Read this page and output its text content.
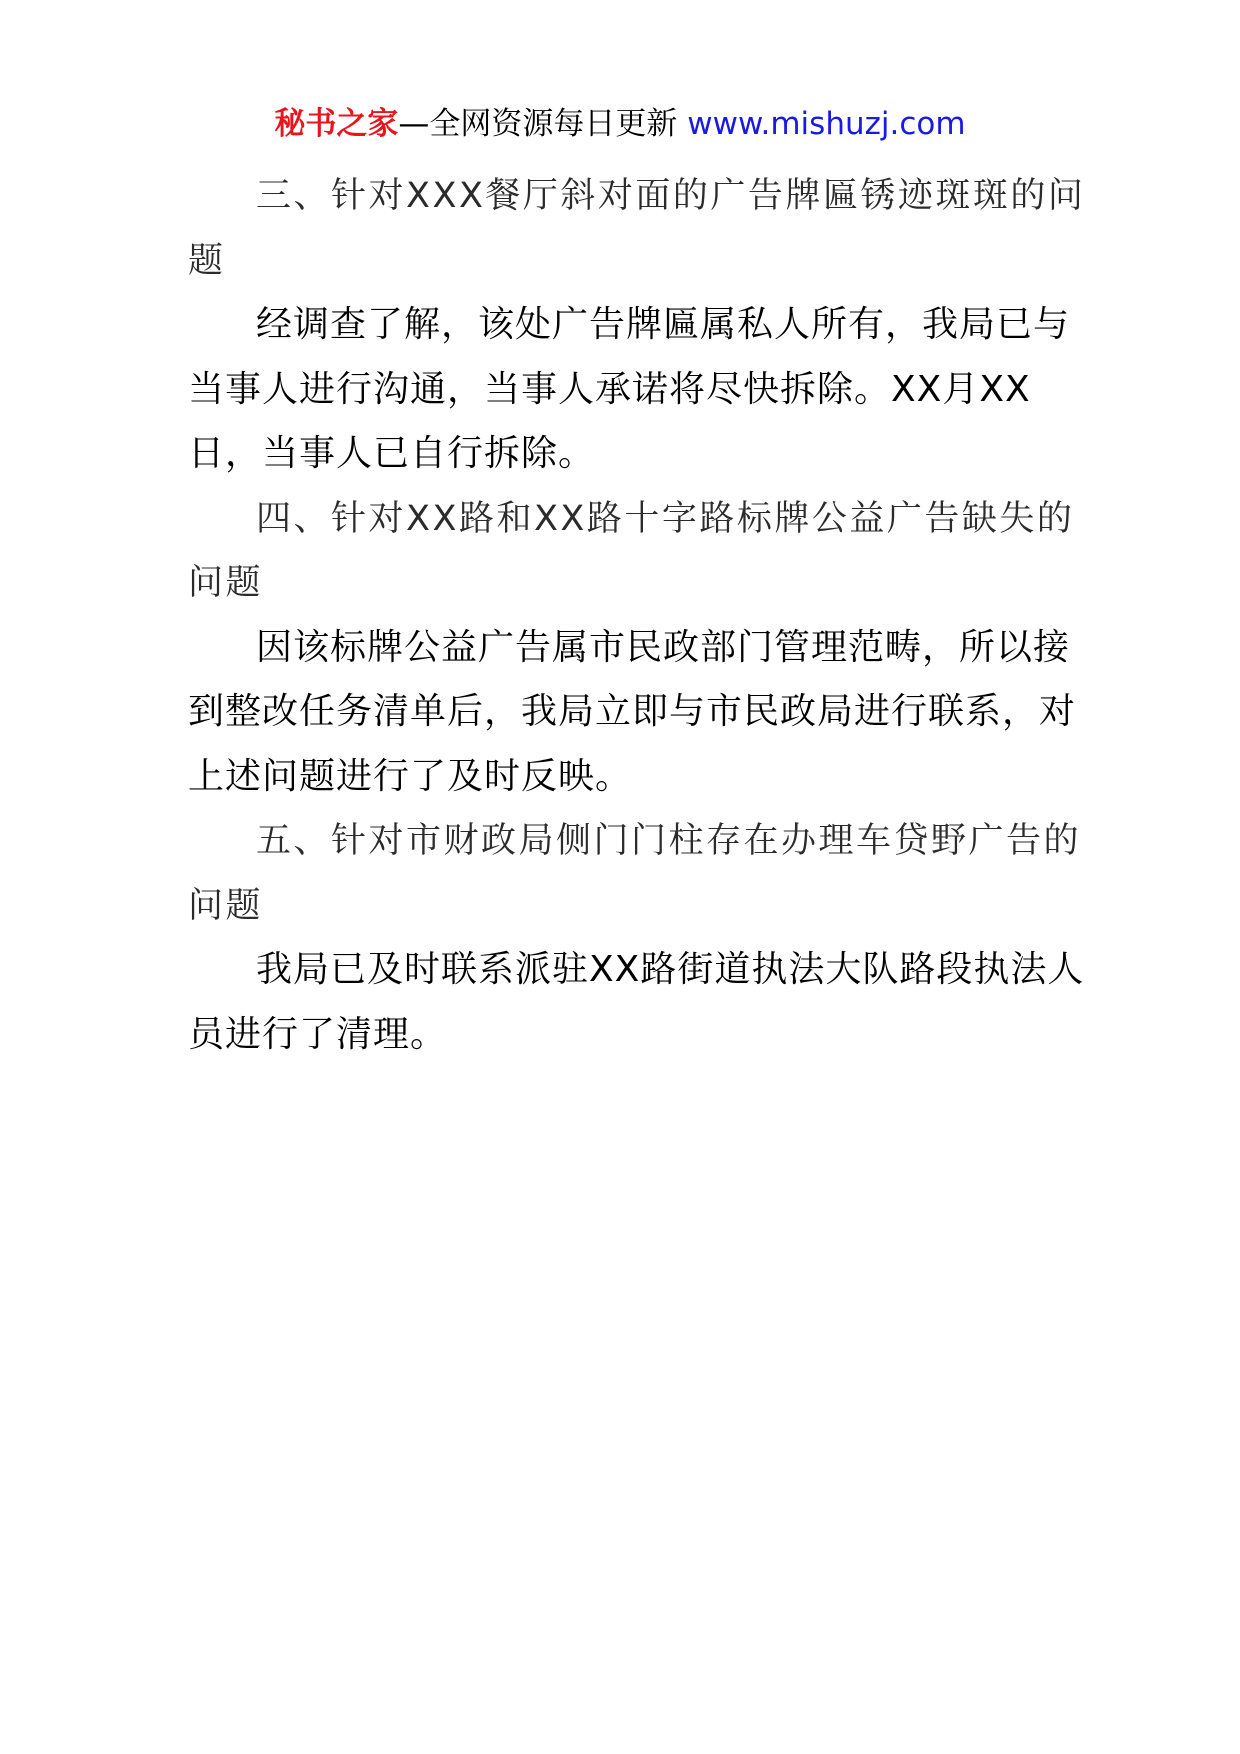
秘书之家—全网资源每日更新 www.mishuzj.com

三、针对XXX餐厅斜对面的广告牌匾锈迹斑斑的问题

经调查了解，该处广告牌匾属私人所有，我局已与当事人进行沟通，当事人承诺将尽快拆除。XX月XX日，当事人已自行拆除。

四、针对XX路和XX路十字路标牌公益广告缺失的问题

因该标牌公益广告属市民政部门管理范畴，所以接到整改任务清单后，我局立即与市民政局进行联系，对上述问题进行了及时反映。

五、针对市财政局侧门门柱存在办理车贷野广告的问题

我局已及时联系派驻XX路街道执法大队路段执法人员进行了清理。
